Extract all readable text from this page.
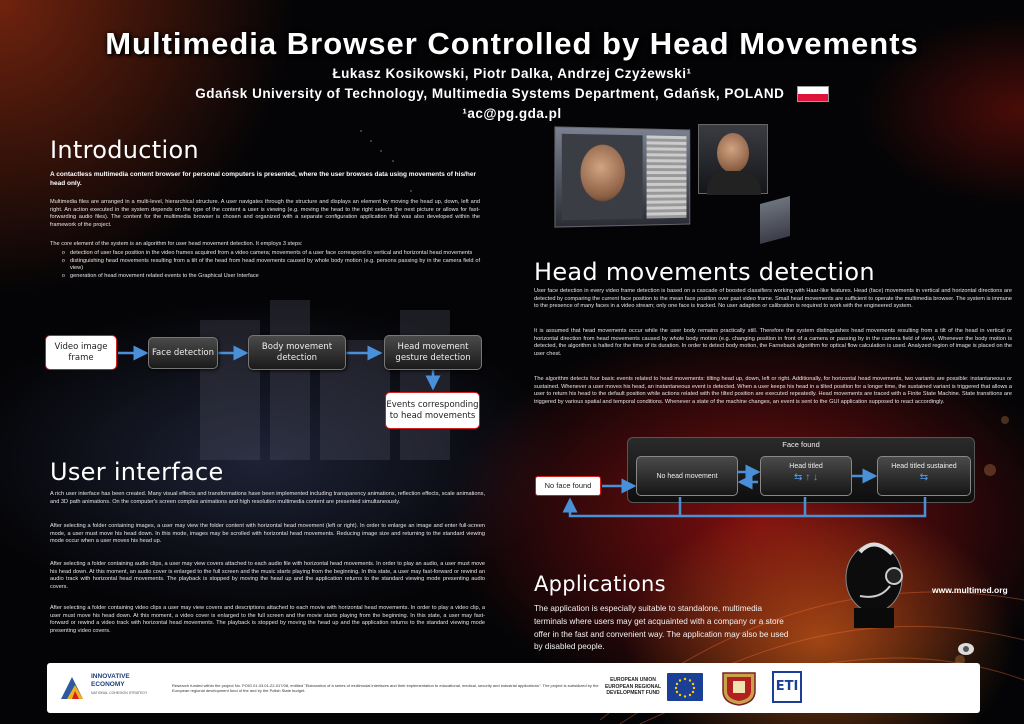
Multimedia Browser Controlled by Head Movements
Łukasz Kosikowski, Piotr Dalka, Andrzej Czyżewski¹
Gdańsk University of Technology, Multimedia Systems Department, Gdańsk, POLAND
¹ac@pg.gda.pl
Introduction
A contactless multimedia content browser for personal computers is presented, where the user browses data using movements of his/her head only.
Multimedia files are arranged in a multi-level, hierarchical structure. A user navigates through the structure and displays an element by moving the head up, down, left and right. An action executed in the system depends on the type of the content a user is viewing (e.g. moving the head to the right selects the next picture or allows for fast-forwarding audio files). The content for the multimedia browser is chosen and organized with a separate configuration application that was also developed within the framework of the project.
The core element of the system is an algorithm for user head movement detection. It employs 3 steps:
o detection of user face position in the video frames acquired from a video camera; movements of a user face correspond to vertical and horizontal head movements
o distinguishing head movements resulting from a tilt of the head from head movements caused by whole body motion (e.g. persons passing by in the camera field of view)
o generation of head movement related events to the Graphical User Interface
Video image frame	Face detection
Body movement detection
Head movement gesture detection
Events corresponding to head movements
User interface
A rich user interface has been created. Many visual effects and transformations have been implemented including transparency animations, reflection effects, scale animations, and 3D path animations. On the computer's screen complex animations and high resolution multimedia content are presented simultaneously.
After selecting a folder containing images, a user may view the folder content with horizontal head movement (left or right). In order to enlarge an image and enter full-screen mode, a user must move his head down. In this mode, images may be scrolled with horizontal head movements. Reducing image size and returning to the standard viewing mode occur when a user moves his head up.
After selecting a folder containing audio clips, a user may view covers attached to each audio file with horizontal head movements. In order to play an audio, a user must move his head down. At this moment, an audio cover is enlarged to the full screen and the music starts playing from the beginning. In this state, a user may fast-forward or rewind an audio track with horizontal head movements. The playback is stopped by moving the head up and the application returns to the standard viewing mode presenting audio covers.
After selecting a folder containing video clips a user may view covers and descriptions attached to each movie with horizontal head movements. In order to play a video clip, a user must move his head down. At this moment, a video cover is enlarged to the full screen and the movie starts playing from the beginning. In this state, a user may fast-forward or rewind a video track with horizontal head movements. The playback is stopped by moving the head up and the application returns to the standard viewing mode presenting video covers.
Head movements detection
User face detection in every video frame detection is based on a cascade of boosted classifiers working with Haar-like features. Head (face) movements in vertical and horizontal directions are detected by comparing the current face position to the mean face position over past video frame. Small head movements are sufficient to operate the multimedia browser. The system is immune to the presence of many faces in a video stream; only one face is tracked. No user adaption or calibration is required to work with the engineered system.
It is assumed that head movements occur while the user body remains practically still. Therefore the system distinguishes head movements resulting from a tilt of the head in vertical or horizontal direction from head movements caused by whole body motion (e.g. changing position in front of a camera or passing by in the camera field of view). Whenever the body motion is detected, the algorithm is halted for the time of its duration. In order to detect body motion, the Farneback algorithm for optical flow calculation is used. Analyzed region of image is placed on the user chest.
The algorithm detects four basic events related to head movements: tilting head up, down, left or right. Additionally, for horizontal head movements, two variants are possible: instantaneous or sustained. Whenever a user moves his head, an instantaneous event is detected. When a user keeps his head in a tilted position for a longer time, the sustained variant is triggered that allows a user to return his head to the default position while actions related with the tilted position are executed repeatedly. Head movements are traced with a Finite State Machine. State transitions are triggered by various spatial and temporal conditions. Whenever a state of the machine changes, an event is sent to the GUI application supposed to react accordingly.
Face found
No face found
No head movement
Head titled
⇆ ↑ ↓
Head titled sustained
⇆
Applications
The application is especially suitable to standalone, multimedia terminals where users may get acquainted with a company or a store offer in the fast and convenient way. The application may also be used by disabled people.
www.multimed.org
INNOVATIVE
ECONOMY
NATIONAL COHESION STRATEGY
Research funded within the project No. POIG.01.03.01-22-017/08, entitled "Elaboration of a series of multimodal interfaces and their implementation to educational, medical, security and industrial applications". The project is subsidized by the European regional development fund of the and by the Polish State budget.
EUROPEAN UNION
EUROPEAN REGIONAL
DEVELOPMENT FUND	ETI
